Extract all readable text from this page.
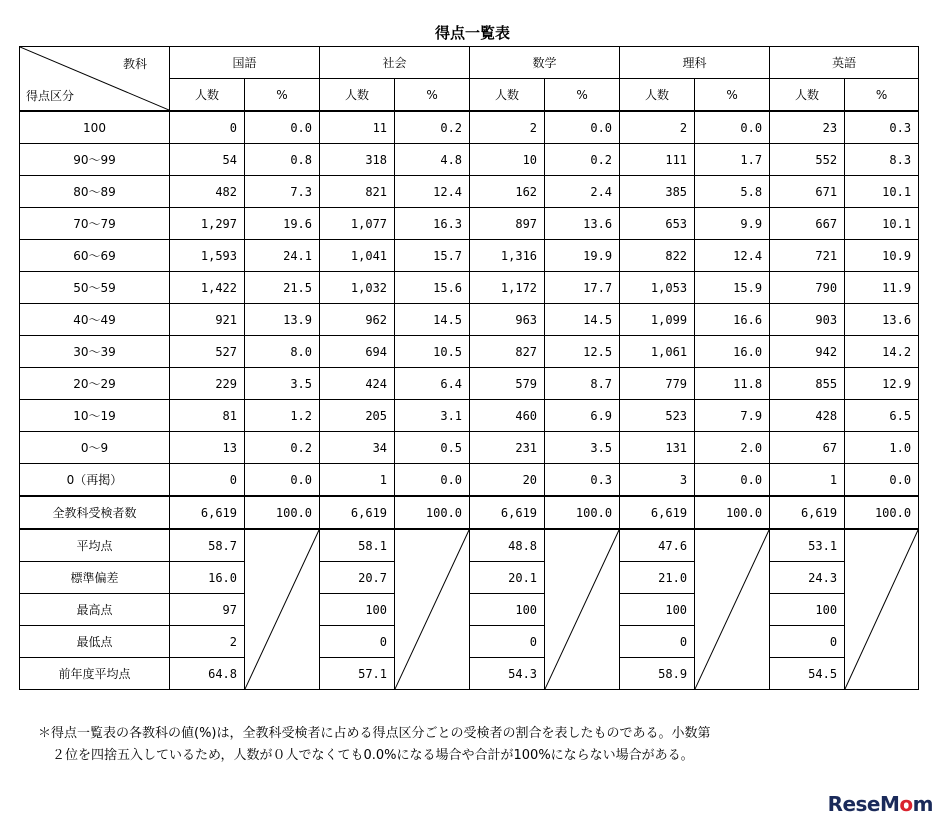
得点一覧表
教科
得点区分	国語		社会		数学		理科		英語	
	人数	%	人数	%	人数	%	人数	%	人数	%
100	0	0.0	11	0.2	2	0.0	2	0.0	23	0.3
90～99	54	0.8	318	4.8	10	0.2	111	1.7	552	8.3
80～89	482	7.3	821	12.4	162	2.4	385	5.8	671	10.1
70～79	1,297	19.6	1,077	16.3	897	13.6	653	9.9	667	10.1
60～69	1,593	24.1	1,041	15.7	1,316	19.9	822	12.4	721	10.9
50～59	1,422	21.5	1,032	15.6	1,172	17.7	1,053	15.9	790	11.9
40～49	921	13.9	962	14.5	963	14.5	1,099	16.6	903	13.6
30～39	527	8.0	694	10.5	827	12.5	1,061	16.0	942	14.2
20～29	229	3.5	424	6.4	579	8.7	779	11.8	855	12.9
10～19	81	1.2	205	3.1	460	6.9	523	7.9	428	6.5
0～9	13	0.2	34	0.5	231	3.5	131	2.0	67	1.0
0（再掲）	0	0.0	1	0.0	20	0.3	3	0.0	1	0.0
全教科受検者数	6,619	100.0	6,619	100.0	6,619	100.0	6,619	100.0	6,619	100.0
平均点	58.7		58.1		48.8		47.6		53.1	

標準偏差	16.0		20.7		20.1		21.0		24.3	
最高点	97		100		100		100		100	
最低点	2		0		0		0		0	
前年度平均点	64.8		57.1		54.3		58.9		54.5	
＊得点一覧表の各教科の値(%)は，全教科受検者に占める得点区分ごとの受検者の割合を表したものである。小数第
２位を四捨五入しているため，人数が０人でなくても0.0%になる場合や合計が100%にならない場合がある。
ReseMom
